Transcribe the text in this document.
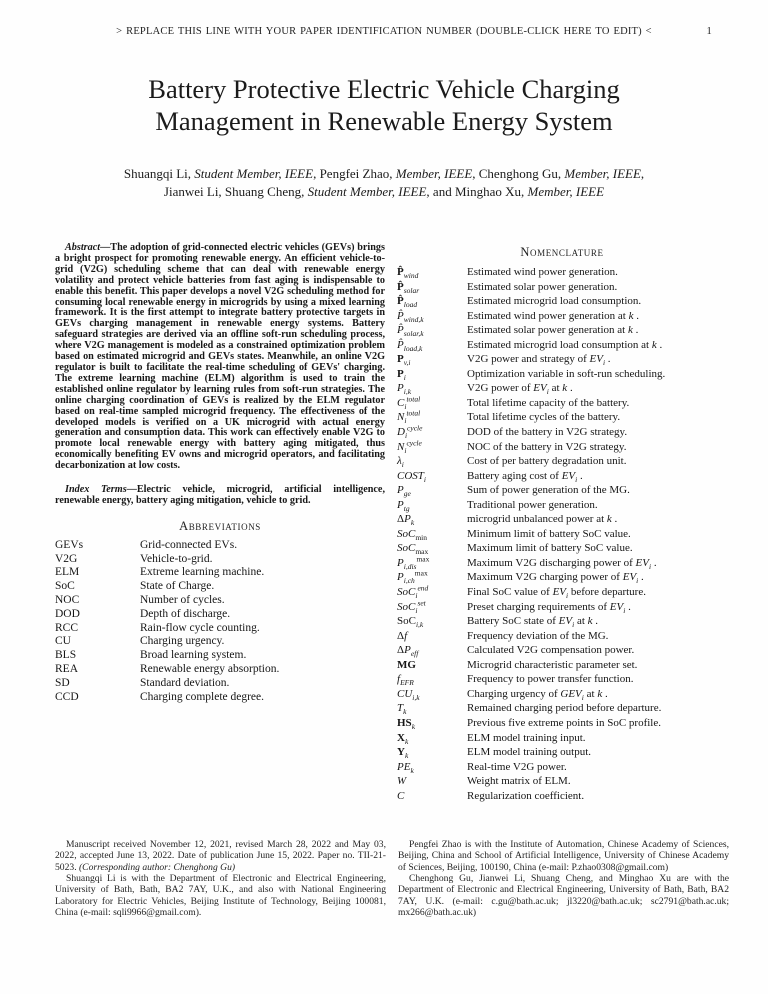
> REPLACE THIS LINE WITH YOUR PAPER IDENTIFICATION NUMBER (DOUBLE-CLICK HERE TO EDIT) <	1
Battery Protective Electric Vehicle Charging Management in Renewable Energy System
Shuangqi Li, Student Member, IEEE, Pengfei Zhao, Member, IEEE, Chenghong Gu, Member, IEEE,
Jianwei Li, Shuang Cheng, Student Member, IEEE, and Minghao Xu, Member, IEEE

Abstract—The adoption of grid-connected electric vehicles (GEVs) brings a bright prospect for promoting renewable energy. An efficient vehicle-to-grid (V2G) scheduling scheme that can deal with renewable energy volatility and protect vehicle batteries from fast aging is indispensable to enable this benefit. This paper develops a novel V2G scheduling method for consuming local renewable energy in microgrids by using a mixed learning framework. It is the first attempt to integrate battery protective targets in GEVs charging management in renewable energy systems. Battery safeguard strategies are derived via an offline soft-run scheduling process, where V2G management is modeled as a constrained optimization problem based on estimated microgrid and GEVs states. Meanwhile, an online V2G regulator is built to facilitate the real-time scheduling of GEVs' charging. The extreme learning machine (ELM) algorithm is used to train the established online regulator by learning rules from soft-run strategies. The online charging coordination of GEVs is realized by the ELM regulator based on real-time sampled microgrid frequency. The effectiveness of the developed models is verified on a UK microgrid with actual energy generation and consumption data. This work can effectively enable V2G to promote local renewable energy with battery aging mitigated, thus economically benefiting EV owns and microgrid operators, and facilitating decarbonization at low costs.

Index Terms—Electric vehicle, microgrid, artificial intelligence, renewable energy, battery aging mitigation, vehicle to grid.

Abbreviations
GEVs	Grid-connected EVs.
V2G	Vehicle-to-grid.
ELM	Extreme learning machine.
SoC	State of Charge.
NOC	Number of cycles.
DOD	Depth of discharge.
RCC	Rain-flow cycle counting.
CU	Charging urgency.
BLS	Broad learning system.
REA	Renewable energy absorption.
SD	Standard deviation.
CCD	Charging complete degree.
Nomenclature
$P̂_{wind}$	Estimated wind power generation.
$P̂_{solar}$	Estimated solar power generation.
$P̂_{load}$	Estimated microgrid load consumption.
$P̂_{wind,k}$	Estimated wind power generation at k .
$P̂_{solar,k}$	Estimated solar power generation at k .
$P̂_{load,k}$	Estimated microgrid load consumption at k .
$P_{v,i}$	V2G power and strategy of $EV_i$ .
$P_i$	Optimization variable in soft-run scheduling.
$P_{i,k}$	V2G power of $EV_i$ at k .
$C_i^{total}$	Total lifetime capacity of the battery.
$N_i^{total}$	Total lifetime cycles of the battery.
$D_i^{cycle}$	DOD of the battery in V2G strategy.
$N_i^{cycle}$	NOC of the battery in V2G strategy.
$\lambda_i$	Cost of per battery degradation unit.
$COST_i$	Battery aging cost of $EV_i$ .
$P_{ge}$	Sum of power generation of the MG.
$P_{tg}$	Traditional power generation.
$\Delta P_k$	microgrid unbalanced power at k .
SoC$_{min}$	Minimum limit of battery SoC value.
SoC$_{max}$	Maximum limit of battery SoC value.
$P_{i,dis}^{max}$	Maximum V2G discharging power of $EV_i$ .
$P_{i,ch}^{max}$	Maximum V2G charging power of $EV_i$ .
SoC$_i^{end}$	Final SoC value of $EV_i$ before departure.
SoC$_i^{set}$	Preset charging requirements of $EV_i$ .
SoC$_{i,k}$	Battery SoC state of $EV_i$ at k .
Δf	Frequency deviation of the MG.
$\Delta P_{eff}$	Calculated V2G compensation power.
MG	Microgrid characteristic parameter set.
$f_{EFR}$	Frequency to power transfer function.
$CU_{i,k}$	Charging urgency of $GEV_i$ at k .
$T_k$	Remained charging period before departure.
$HS_k$	Previous five extreme points in SoC profile.
$X_k$	ELM model training input.
$Y_k$	ELM model training output.
$PE_k$	Real-time V2G power.
W	Weight matrix of ELM.
C	Regularization coefficient.

Manuscript received November 12, 2021, revised March 28, 2022 and May 03, 2022, accepted June 13, 2022. Date of publication June 15, 2022. Paper no. TII-21-5023. (Corresponding author: Chenghong Gu)

Shuangqi Li is with the Department of Electronic and Electrical Engineering, University of Bath, Bath, BA2 7AY, U.K., and also with National Engineering Laboratory for Electric Vehicles, Beijing Institute of Technology, Beijing 100081, China (e-mail: sqli9966@gmail.com).

Pengfei Zhao is with the Institute of Automation, Chinese Academy of Sciences, Beijing, China and School of Artificial Intelligence, University of Chinese Academy of Sciences, Beijing, 100190, China (e-mail: P.zhao0308@gmail.com)

Chenghong Gu, Jianwei Li, Shuang Cheng, and Minghao Xu are with the Department of Electronic and Electrical Engineering, University of Bath, Bath, BA2 7AY, U.K. (e-mail: c.gu@bath.ac.uk; jl3220@bath.ac.uk; sc2791@bath.ac.uk; mx266@bath.ac.uk)
